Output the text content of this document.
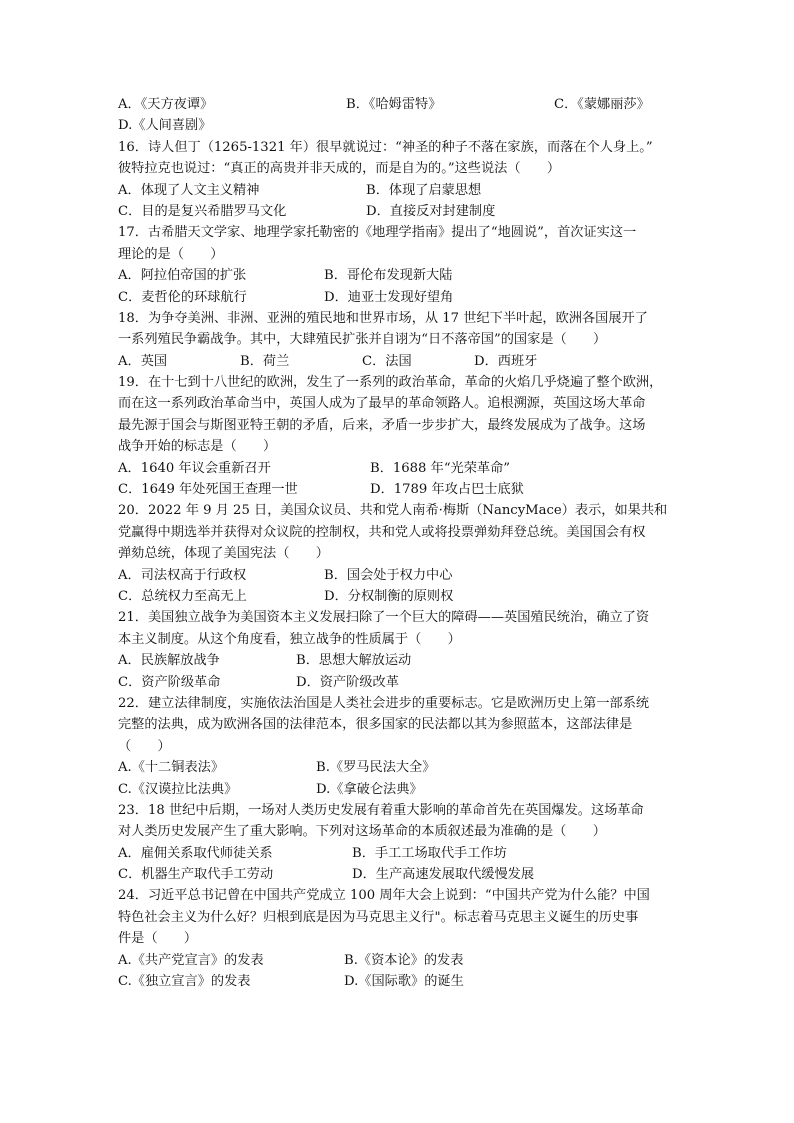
A．《天方夜谭》	B．《哈姆雷特》	C．《蒙娜丽莎》
D.《人间喜剧》
16．诗人但丁（1265-1321 年）很早就说过：“神圣的种子不落在家族，而落在个人身上。”
彼特拉克也说过：“真正的高贵并非天成的，而是自为的。”这些说法（　　）
A．体现了人文主义精神	B．体现了启蒙思想
C．目的是复兴希腊罗马文化	D．直接反对封建制度
17．古希腊天文学家、地理学家托勒密的《地理学指南》提出了“地圆说”，首次证实这一
理论的是（　　）
A．阿拉伯帝国的扩张	B．哥伦布发现新大陆
C．麦哲伦的环球航行	D．迪亚士发现好望角
18．为争夺美洲、非洲、亚洲的殖民地和世界市场，从 17 世纪下半叶起，欧洲各国展开了
一系列殖民争霸战争。其中，大肆殖民扩张并自诩为“日不落帝国”的国家是（　　）
A．英国	B．荷兰	C．法国	D．西班牙
19．在十七到十八世纪的欧洲，发生了一系列的政治革命，革命的火焰几乎烧遍了整个欧洲，
而在这一系列政治革命当中，英国人成为了最早的革命领路人。追根溯源，英国这场大革命
最先源于国会与斯图亚特王朝的矛盾，后来，矛盾一步步扩大，最终发展成为了战争。这场
战争开始的标志是（　　）
A．1640 年议会重新召开	B．1688 年“光荣革命”
C．1649 年处死国王查理一世	D．1789 年攻占巴士底狱
20．2022 年 9 月 25 日，美国众议员、共和党人南希·梅斯（NancyMace）表示，如果共和
党赢得中期选举并获得对众议院的控制权，共和党人或将投票弹劾拜登总统。美国国会有权
弹劾总统，体现了美国宪法（　　）
A．司法权高于行政权	B．国会处于权力中心
C．总统权力至高无上	D．分权制衡的原则权
21．美国独立战争为美国资本主义发展扫除了一个巨大的障碍——英国殖民统治，确立了资
本主义制度。从这个角度看，独立战争的性质属于（　　）
A．民族解放战争	B．思想大解放运动
C．资产阶级革命	D．资产阶级改革
22．建立法律制度，实施依法治国是人类社会进步的重要标志。它是欧洲历史上第一部系统
完整的法典，成为欧洲各国的法律范本，很多国家的民法都以其为参照蓝本，这部法律是
（　　）
A.《十二铜表法》	B.《罗马民法大全》
C.《汉谟拉比法典》	D.《拿破仑法典》
23．18 世纪中后期，一场对人类历史发展有着重大影响的革命首先在英国爆发。这场革命
对人类历史发展产生了重大影响。下列对这场革命的本质叙述最为准确的是（　　）
A．雇佣关系取代师徒关系	B．手工工场取代手工作坊
C．机器生产取代手工劳动	D．生产高速发展取代缓慢发展
24．习近平总书记曾在中国共产党成立 100 周年大会上说到：“中国共产党为什么能？中国
特色社会主义为什么好？归根到底是因为马克思主义行"。标志着马克思主义诞生的历史事
件是（　　）
A.《共产党宣言》的发表	B.《资本论》的发表
C.《独立宣言》的发表	D.《国际歌》的诞生
